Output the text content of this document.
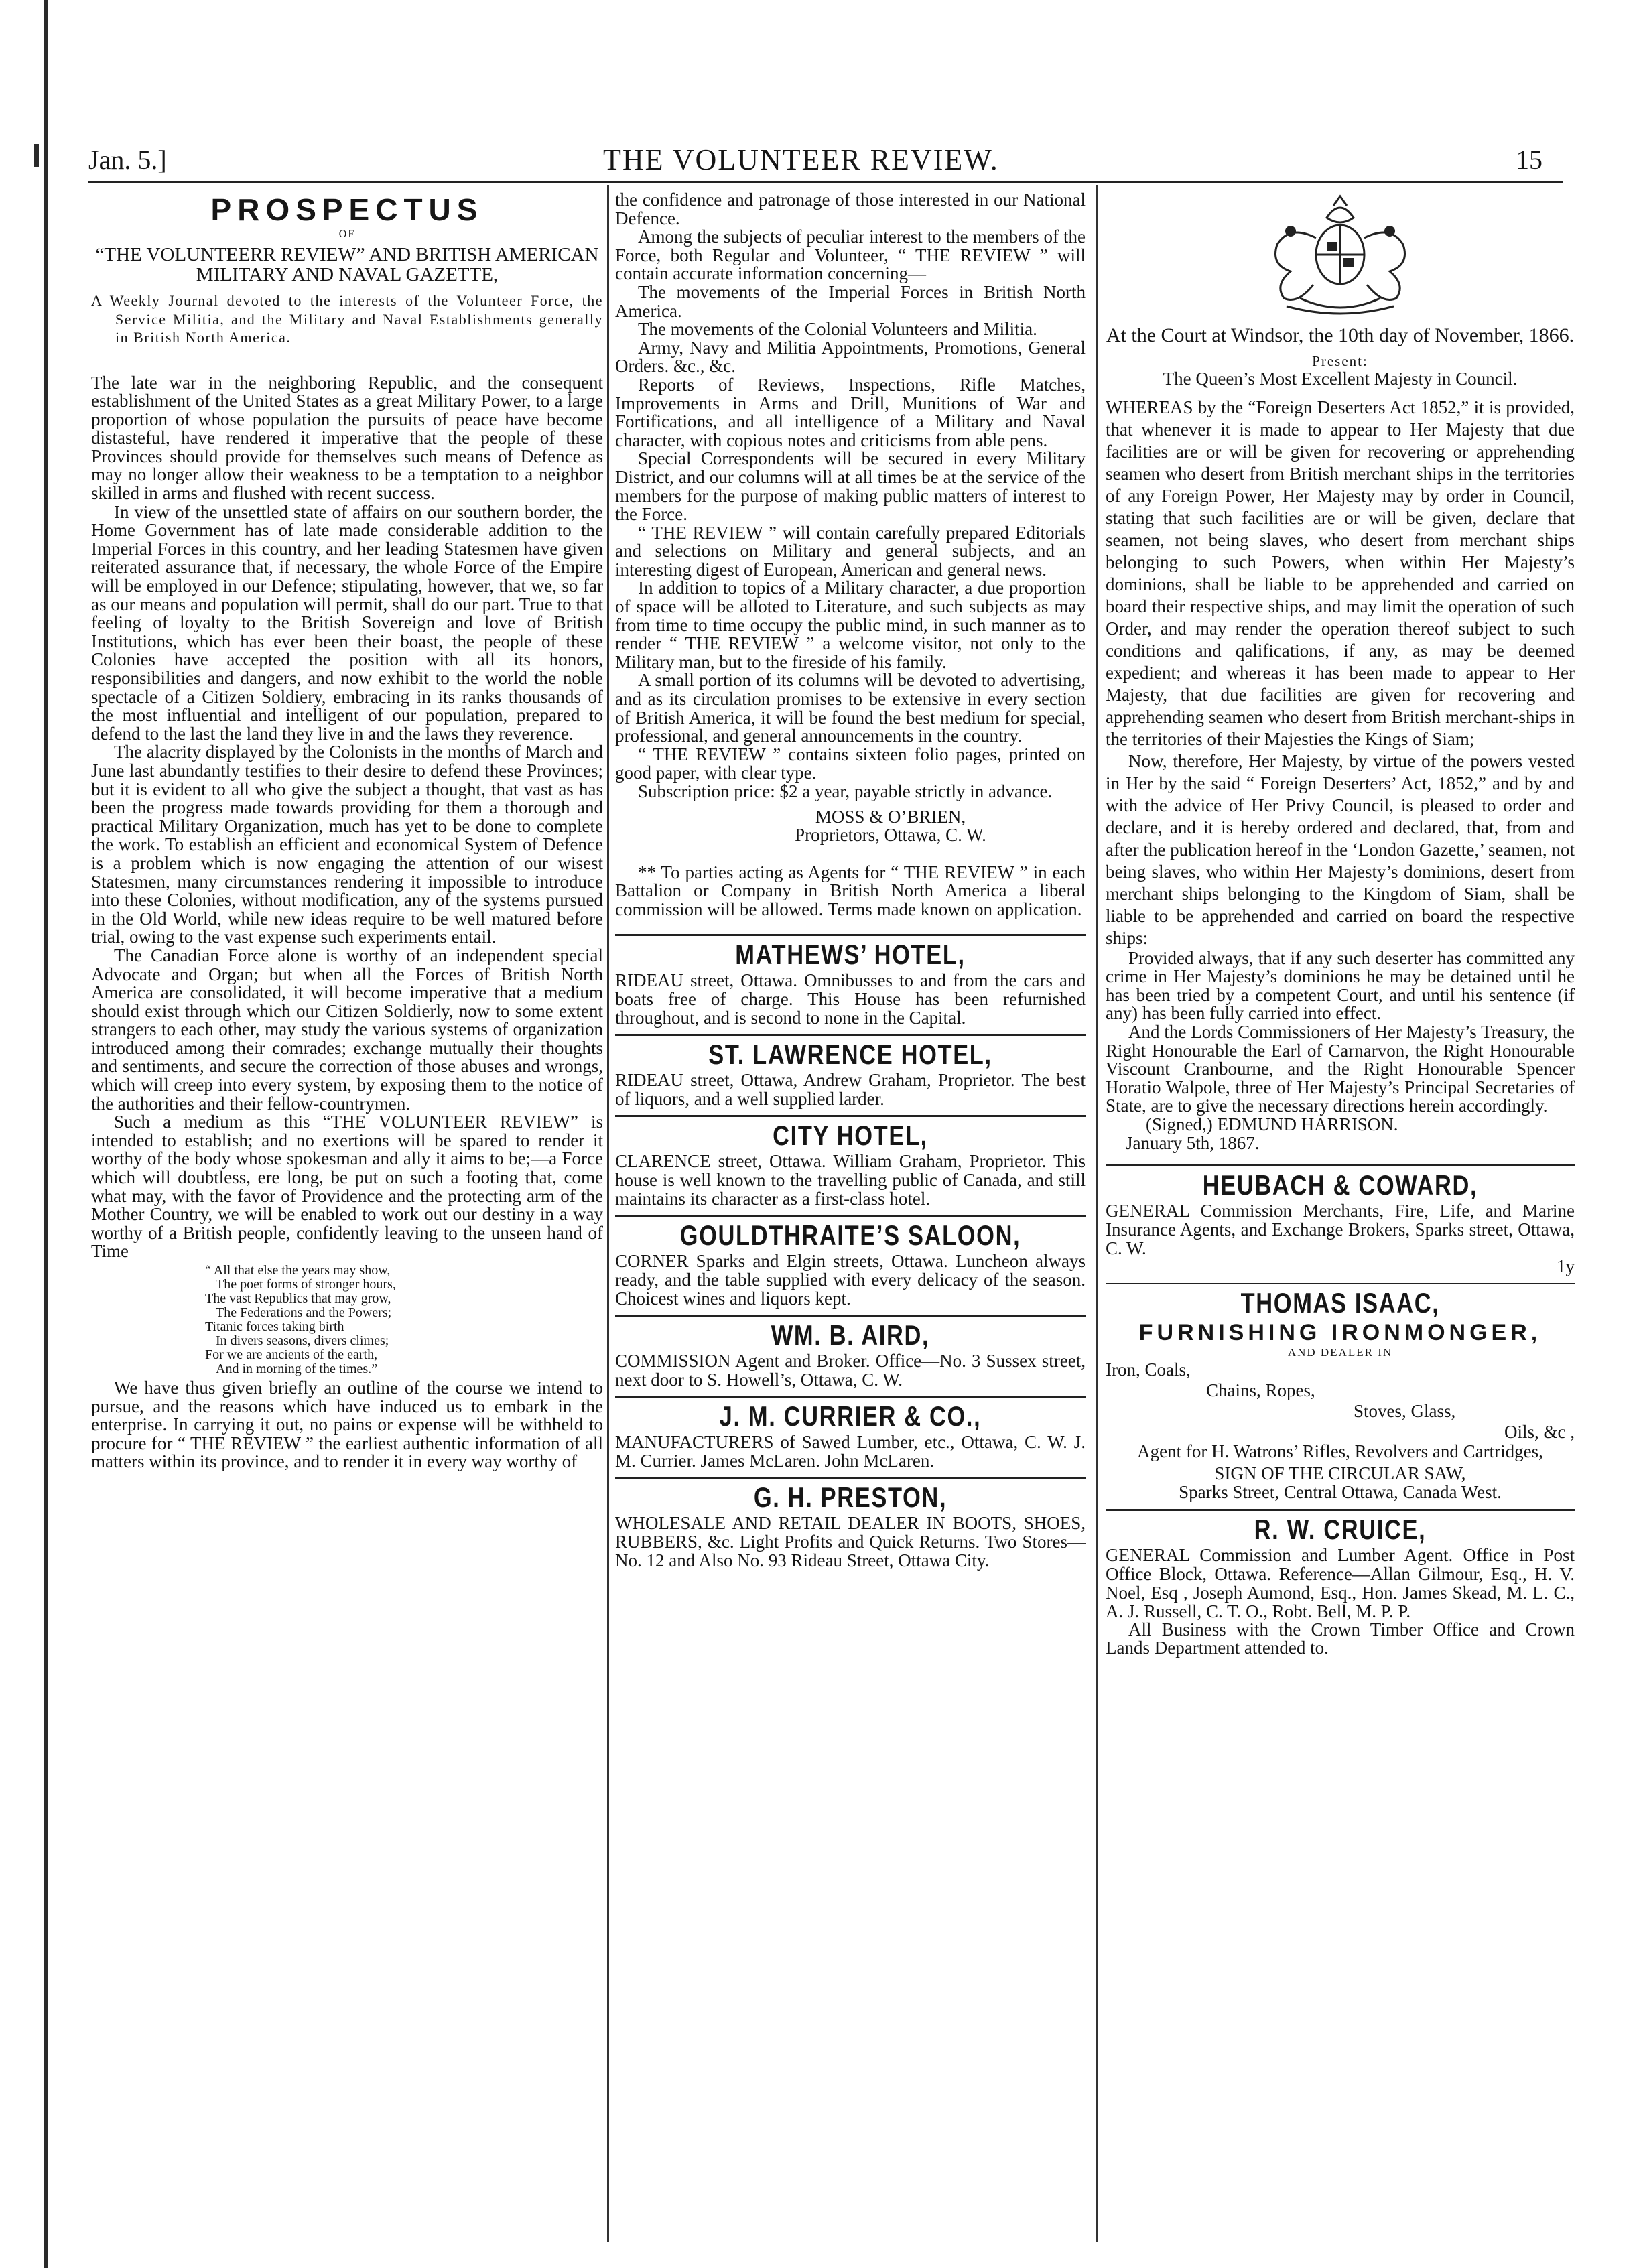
Jan. 5.]	THE VOLUNTEER REVIEW.	15
PROSPECTUS
OF
“THE VOLUNTEERR REVIEW” AND BRITISH AMERICAN MILITARY AND NAVAL GAZETTE,
A Weekly Journal devoted to the interests of the Volunteer Force, the Service Militia, and the Military and Naval Establishments generally in British North America.

The late war in the neighboring Republic, and the consequent establishment of the United States as a great Military Power, to a large proportion of whose population the pursuits of peace have become distasteful, have rendered it imperative that the people of these Provinces should provide for themselves such means of Defence as may no longer allow their weakness to be a temptation to a neighbor skilled in arms and flushed with recent success.

In view of the unsettled state of affairs on our southern border, the Home Government has of late made considerable addition to the Imperial Forces in this country, and her leading Statesmen have given reiterated assurance that, if necessary, the whole Force of the Empire will be employed in our Defence; stipulating, however, that we, so far as our means and population will permit, shall do our part. True to that feeling of loyalty to the British Sovereign and love of British Institutions, which has ever been their boast, the people of these Colonies have accepted the position with all its honors, responsibilities and dangers, and now exhibit to the world the noble spectacle of a Citizen Soldiery, embracing in its ranks thousands of the most influential and intelligent of our population, prepared to defend to the last the land they live in and the laws they reverence.

The alacrity displayed by the Colonists in the months of March and June last abundantly testifies to their desire to defend these Provinces; but it is evident to all who give the subject a thought, that vast as has been the progress made towards providing for them a thorough and practical Military Organization, much has yet to be done to complete the work. To establish an efficient and economical System of Defence is a problem which is now engaging the attention of our wisest Statesmen, many circumstances rendering it impossible to introduce into these Colonies, without modification, any of the systems pursued in the Old World, while new ideas require to be well matured before trial, owing to the vast expense such experiments entail.

The Canadian Force alone is worthy of an independent special Advocate and Organ; but when all the Forces of British North America are consolidated, it will become imperative that a medium should exist through which our Citizen Soldierly, now to some extent strangers to each other, may study the various systems of organization introduced among their comrades; exchange mutually their thoughts and sentiments, and secure the correction of those abuses and wrongs, which will creep into every system, by exposing them to the notice of the authorities and their fellow-countrymen.

Such a medium as this “THE VOLUNTEER REVIEW” is intended to establish; and no exertions will be spared to render it worthy of the body whose spokesman and ally it aims to be;—a Force which will doubtless, ere long, be put on such a footing that, come what may, with the favor of Providence and the protecting arm of the Mother Country, we will be enabled to work out our destiny in a way worthy of a British people, confidently leaving to the unseen hand of Time

“ All that else the years may show,
The poet forms of stronger hours,
The vast Republics that may grow,
The Federations and the Powers;
Titanic forces taking birth
In divers seasons, divers climes;
For we are ancients of the earth,
And in morning of the times.”

We have thus given briefly an outline of the course we intend to pursue, and the reasons which have induced us to embark in the enterprise. In carrying it out, no pains or expense will be withheld to procure for “ THE REVIEW ” the earliest authentic information of all matters within its province, and to render it in every way worthy of

the confidence and patronage of those interested in our National Defence.

Among the subjects of peculiar interest to the members of the Force, both Regular and Volunteer, “ THE REVIEW ” will contain accurate information concerning—

The movements of the Imperial Forces in British North America.

The movements of the Colonial Volunteers and Militia.

Army, Navy and Militia Appointments, Promotions, General Orders. &c., &c.

Reports of Reviews, Inspections, Rifle Matches, Improvements in Arms and Drill, Munitions of War and Fortifications, and all intelligence of a Military and Naval character, with copious notes and criticisms from able pens.

Special Correspondents will be secured in every Military District, and our columns will at all times be at the service of the members for the purpose of making public matters of interest to the Force.

“ THE REVIEW ” will contain carefully prepared Editorials and selections on Military and general subjects, and an interesting digest of European, American and general news.

In addition to topics of a Military character, a due proportion of space will be alloted to Literature, and such subjects as may from time to time occupy the public mind, in such manner as to render “ THE REVIEW ” a welcome visitor, not only to the Military man, but to the fireside of his family.

A small portion of its columns will be devoted to advertising, and as its circulation promises to be extensive in every section of British America, it will be found the best medium for special, professional, and general announcements in the country.

“ THE REVIEW ” contains sixteen folio pages, printed on good paper, with clear type.

Subscription price: $2 a year, payable strictly in advance.

MOSS & O’BRIEN,

Proprietors, Ottawa, C. W.

** To parties acting as Agents for “ THE REVIEW ” in each Battalion or Company in British North America a liberal commission will be allowed. Terms made known on application.

MATHEWS’ HOTEL,

RIDEAU street, Ottawa. Omnibusses to and from the cars and boats free of charge. This House has been refurnished throughout, and is second to none in the Capital.

ST. LAWRENCE HOTEL,

RIDEAU street, Ottawa, Andrew Graham, Proprietor. The best of liquors, and a well supplied larder.

CITY HOTEL,

CLARENCE street, Ottawa. William Graham, Proprietor. This house is well known to the travelling public of Canada, and still maintains its character as a first-class hotel.

GOULDTHRAITE’S SALOON,

CORNER Sparks and Elgin streets, Ottawa. Luncheon always ready, and the table supplied with every delicacy of the season. Choicest wines and liquors kept.

WM. B. AIRD,

COMMISSION Agent and Broker. Office—No. 3 Sussex street, next door to S. Howell’s, Ottawa, C. W.

J. M. CURRIER & CO.,

MANUFACTURERS of Sawed Lumber, etc., Ottawa, C. W. J. M. Currier. James McLaren. John McLaren.

G. H. PRESTON,

WHOLESALE AND RETAIL DEALER IN BOOTS, SHOES, RUBBERS, &c. Light Profits and Quick Returns. Two Stores—No. 12 and Also No. 93 Rideau Street, Ottawa City.

At the Court at Windsor, the 10th day of November, 1866.

Present:

The Queen’s Most Excellent Majesty in Council.

WHEREAS by the “Foreign Deserters Act 1852,” it is provided, that whenever it is made to appear to Her Majesty that due facilities are or will be given for recovering or apprehending seamen who desert from British merchant ships in the territories of any Foreign Power, Her Majesty may by order in Council, stating that such facilities are or will be given, declare that seamen, not being slaves, who desert from merchant ships belonging to such Powers, when within Her Majesty’s dominions, shall be liable to be apprehended and carried on board their respective ships, and may limit the operation of such Order, and may render the operation thereof subject to such conditions and qalifications, if any, as may be deemed expedient; and whereas it has been made to appear to Her Majesty, that due facilities are given for recovering and apprehending seamen who desert from British merchant-ships in the territories of their Majesties the Kings of Siam;

Now, therefore, Her Majesty, by virtue of the powers vested in Her by the said “ Foreign Deserters’ Act, 1852,” and by and with the advice of Her Privy Council, is pleased to order and declare, and it is hereby ordered and declared, that, from and after the publication hereof in the ‘London Gazette,’ seamen, not being slaves, who within Her Majesty’s dominions, desert from merchant ships belonging to the Kingdom of Siam, shall be liable to be apprehended and carried on board the respective ships:

Provided always, that if any such deserter has committed any crime in Her Majesty’s dominions he may be detained until he has been tried by a competent Court, and until his sentence (if any) has been fully carried into effect.

And the Lords Commissioners of Her Majesty’s Treasury, the Right Honourable the Earl of Carnarvon, the Right Honourable Viscount Cranbourne, and the Right Honourable Spencer Horatio Walpole, three of Her Majesty’s Principal Secretaries of State, are to give the necessary directions herein accordingly.

(Signed,) EDMUND HARRISON.

January 5th, 1867.

HEUBACH & COWARD,

GENERAL Commission Merchants, Fire, Life, and Marine Insurance Agents, and Exchange Brokers, Sparks street, Ottawa, C. W.

1y

THOMAS ISAAC,
FURNISHING IRONMONGER,
AND DEALER IN
Iron, Coals,
Chains, Ropes,
Stoves, Glass,
Oils, &c ,

Agent for H. Watrons’ Rifles, Revolvers and Cartridges,

SIGN OF THE CIRCULAR SAW,

Sparks Street, Central Ottawa, Canada West.

R. W. CRUICE,

GENERAL Commission and Lumber Agent. Office in Post Office Block, Ottawa. Reference—Allan Gilmour, Esq., H. V. Noel, Esq , Joseph Aumond, Esq., Hon. James Skead, M. L. C., A. J. Russell, C. T. O., Robt. Bell, M. P. P.

All Business with the Crown Timber Office and Crown Lands Department attended to.
